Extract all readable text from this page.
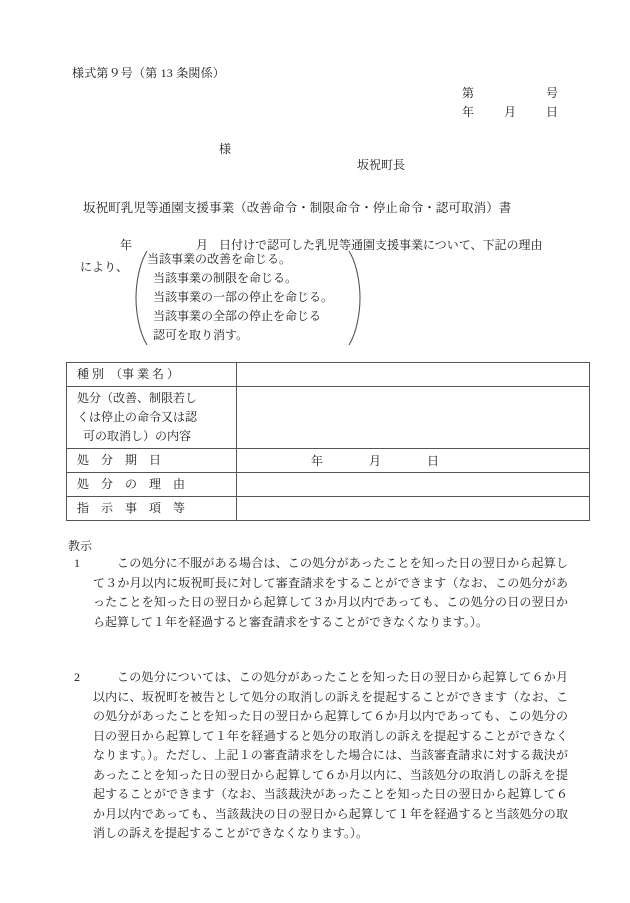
様式第９号（第 13 条関係）
第	号
年 月 日
様
坂祝町長
坂祝町乳児等通園支援事業（改善命令・制限命令・停止命令・認可取消）書
年	月 日付けで認可した乳児等通園支援事業について、下記の理由
により、
当該事業の改善を命じる。
当該事業の制限を命じる。
当該事業の一部の停止を命じる。
当該事業の全部の停止を命じる
認可を取り消す。
種 別　（事 業 名 ）	

処分（改善、制限若し
くは停止の命令又は認
可の取消し）の内容	

処　分　期　日	年 月 日

処　分　の　理　由	

指　示　事　項　等	

教示
1	この処分に不服がある場合は、この処分があったことを知った日の翌日から起算して３か月以内に坂祝町長に対して審査請求をすることができます（なお、この処分があったことを知った日の翌日から起算して３か月以内であっても、この処分の日の翌日から起算して１年を経過すると審査請求をすることができなくなります。）。
2	この処分については、この処分があったことを知った日の翌日から起算して６か月以内に、坂祝町を被告として処分の取消しの訴えを提起することができます（なお、この処分があったことを知った日の翌日から起算して６か月以内であっても、この処分の日の翌日から起算して１年を経過すると処分の取消しの訴えを提起することができなくなります。）。ただし、上記１の審査請求をした場合には、当該審査請求に対する裁決があったことを知った日の翌日から起算して６か月以内に、当該処分の取消しの訴えを提起することができます（なお、当該裁決があったことを知った日の翌日から起算して６か月以内であっても、当該裁決の日の翌日から起算して１年を経過すると当該処分の取消しの訴えを提起することができなくなります。）。
